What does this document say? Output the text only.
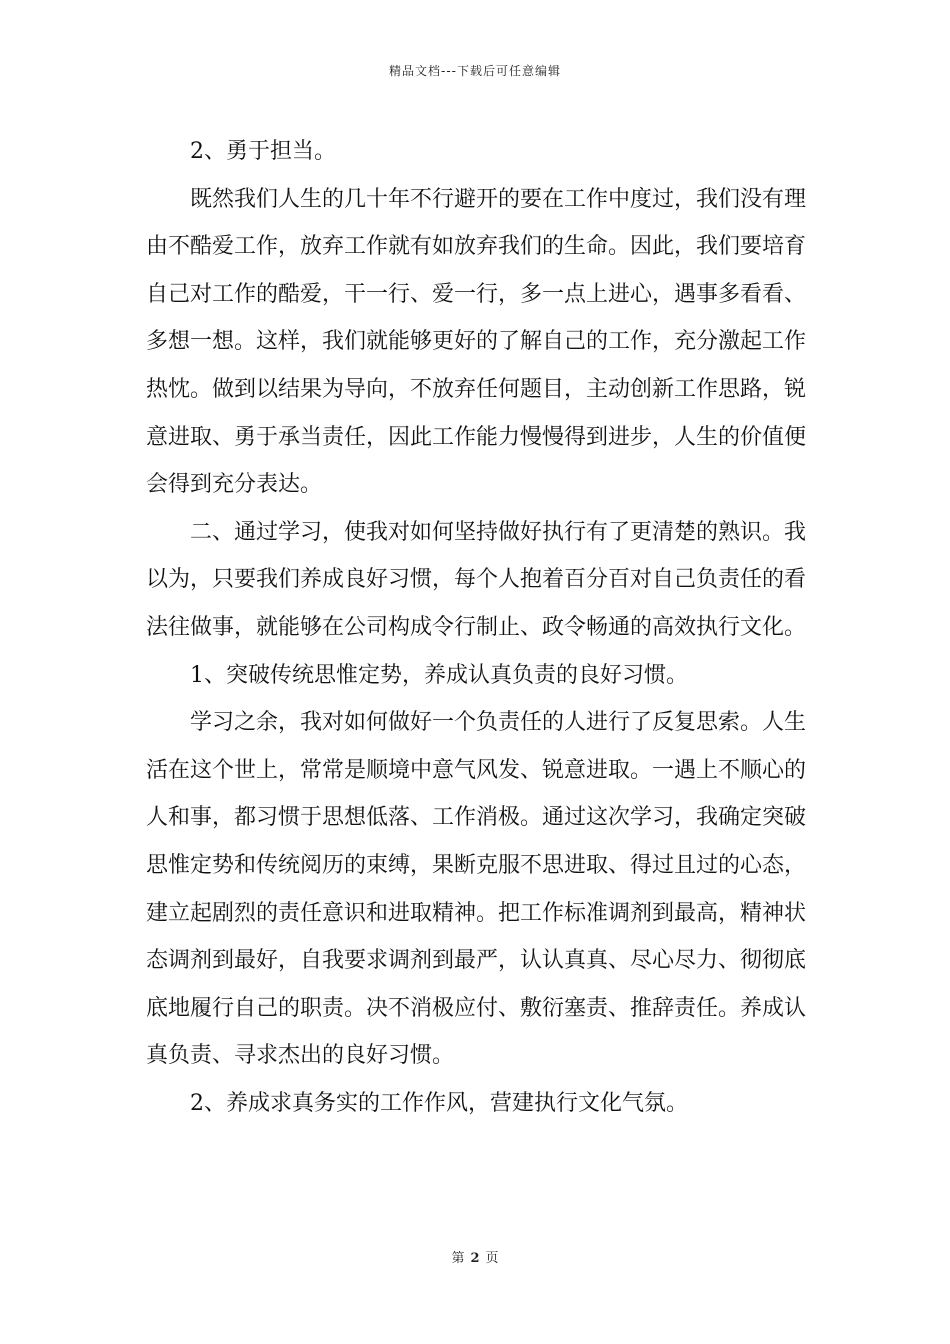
精品文档---下载后可任意编辑

2、勇于担当。

既然我们人生的几十年不行避开的要在工作中度过，我们没有理由不酷爱工作，放弃工作就有如放弃我们的生命。因此，我们要培育自己对工作的酷爱，干一行、爱一行，多一点上进心，遇事多看看、多想一想。这样，我们就能够更好的了解自己的工作，充分激起工作热忱。做到以结果为导向，不放弃任何题目，主动创新工作思路，锐意进取、勇于承当责任，因此工作能力慢慢得到进步，人生的价值便会得到充分表达。

二、通过学习，使我对如何坚持做好执行有了更清楚的熟识。我以为，只要我们养成良好习惯，每个人抱着百分百对自己负责任的看法往做事，就能够在公司构成令行制止、政令畅通的高效执行文化。

1、突破传统思惟定势，养成认真负责的良好习惯。

学习之余，我对如何做好一个负责任的人进行了反复思索。人生活在这个世上，常常是顺境中意气风发、锐意进取。一遇上不顺心的人和事，都习惯于思想低落、工作消极。通过这次学习，我确定突破思惟定势和传统阅历的束缚，果断克服不思进取、得过且过的心态，建立起剧烈的责任意识和进取精神。把工作标准调剂到最高，精神状态调剂到最好，自我要求调剂到最严，认认真真、尽心尽力、彻彻底底地履行自己的职责。决不消极应付、敷衍塞责、推辞责任。养成认真负责、寻求杰出的良好习惯。

2、养成求真务实的工作作风，营建执行文化气氛。

第 2 页
